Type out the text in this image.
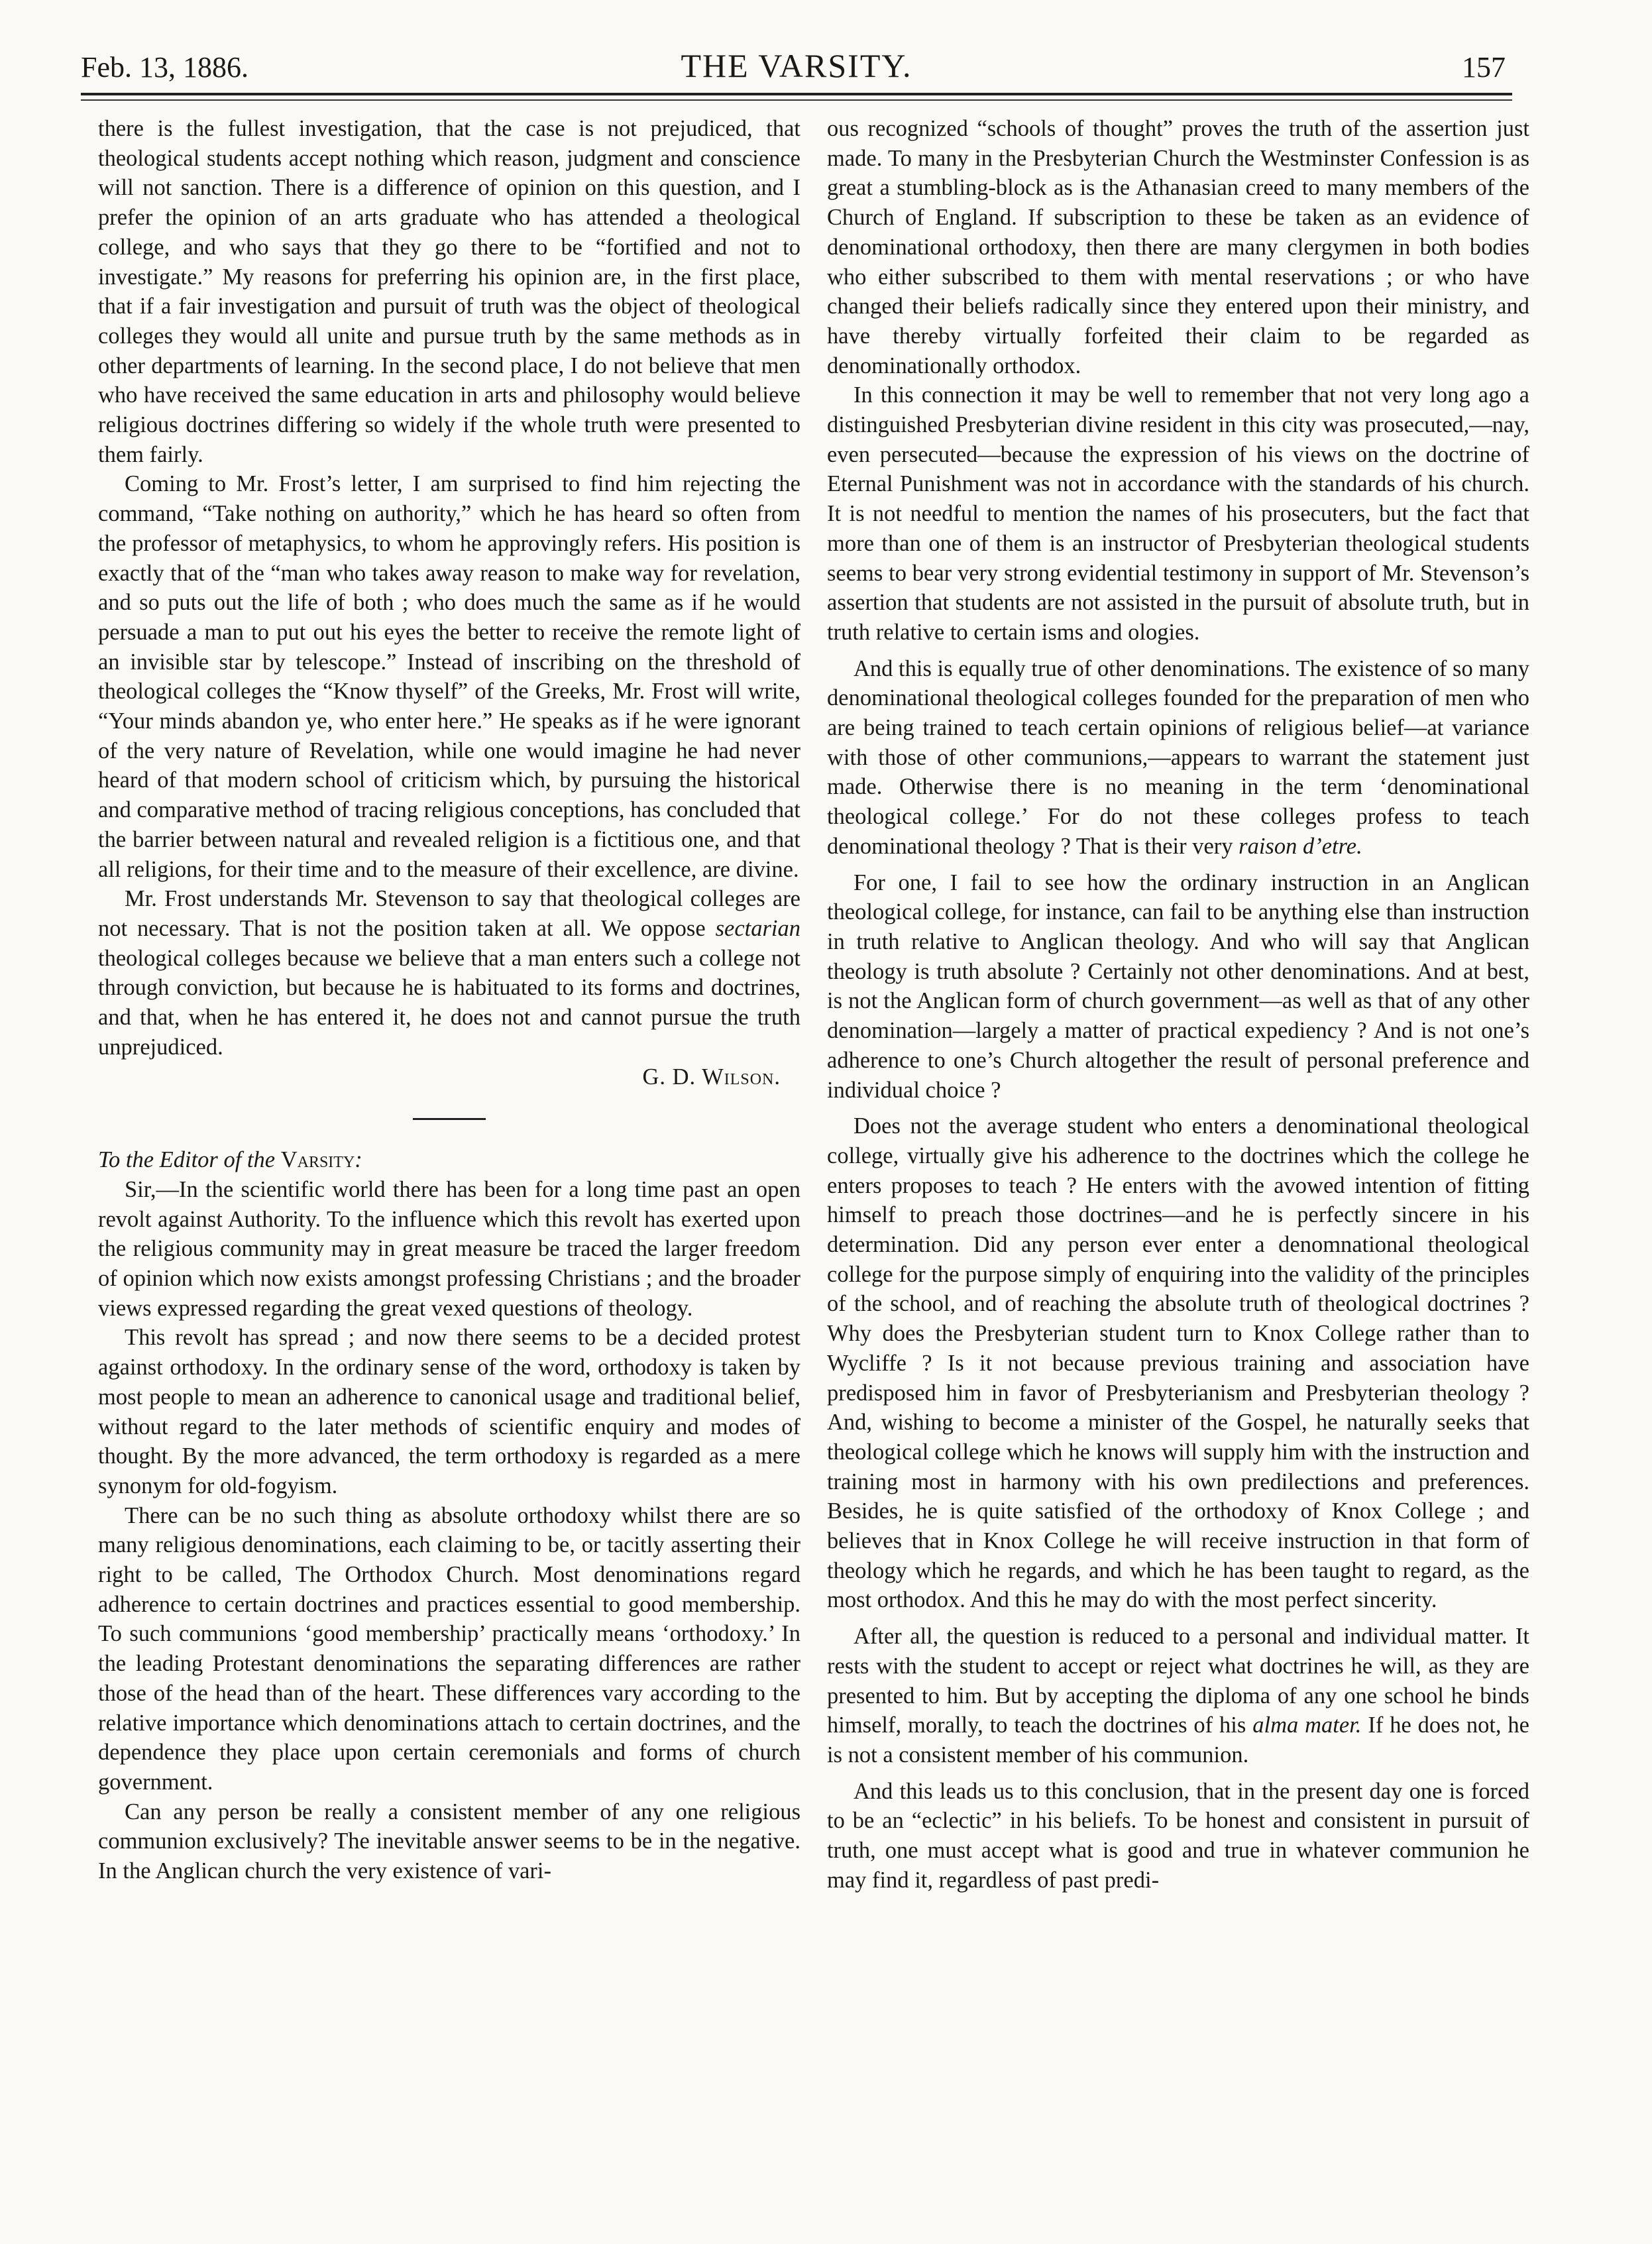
Feb. 13, 1886.	THE VARSITY.	157

there is the fullest investigation, that the case is not prejudiced, that theological students accept nothing which reason, judgment and conscience will not sanction. There is a difference of opinion on this question, and I prefer the opinion of an arts graduate who has attended a theological college, and who says that they go there to be “fortified and not to investigate.” My reasons for preferring his opinion are, in the first place, that if a fair investigation and pursuit of truth was the object of theological colleges they would all unite and pursue truth by the same methods as in other departments of learning. In the second place, I do not believe that men who have received the same education in arts and philosophy would believe religious doctrines differing so widely if the whole truth were presented to them fairly.

Coming to Mr. Frost’s letter, I am surprised to find him rejecting the command, “Take nothing on authority,” which he has heard so often from the professor of metaphysics, to whom he approvingly refers. His position is exactly that of the “man who takes away reason to make way for revelation, and so puts out the life of both ; who does much the same as if he would persuade a man to put out his eyes the better to receive the remote light of an invisible star by telescope.” Instead of inscribing on the threshold of theological colleges the “Know thyself” of the Greeks, Mr. Frost will write, “Your minds abandon ye, who enter here.” He speaks as if he were ignorant of the very nature of Revelation, while one would imagine he had never heard of that modern school of criticism which, by pursuing the historical and comparative method of tracing religious conceptions, has concluded that the barrier between natural and revealed religion is a fictitious one, and that all religions, for their time and to the measure of their excellence, are divine.

Mr. Frost understands Mr. Stevenson to say that theological colleges are not necessary. That is not the position taken at all. We oppose sectarian theological colleges because we believe that a man enters such a college not through conviction, but because he is habituated to its forms and doctrines, and that, when he has entered it, he does not and cannot pursue the truth unprejudiced.

G. D. Wilson.
To the Editor of the Varsity:

Sir,—In the scientific world there has been for a long time past an open revolt against Authority. To the influence which this revolt has exerted upon the religious community may in great measure be traced the larger freedom of opinion which now exists amongst professing Christians ; and the broader views expressed regarding the great vexed questions of theology.

This revolt has spread ; and now there seems to be a decided protest against orthodoxy. In the ordinary sense of the word, orthodoxy is taken by most people to mean an adherence to canonical usage and traditional belief, without regard to the later methods of scientific enquiry and modes of thought. By the more advanced, the term orthodoxy is regarded as a mere synonym for old-fogyism.

There can be no such thing as absolute orthodoxy whilst there are so many religious denominations, each claiming to be, or tacitly asserting their right to be called, The Orthodox Church. Most denominations regard adherence to certain doctrines and practices essential to good membership. To such communions ‘good membership’ practically means ‘orthodoxy.’ In the leading Protestant denominations the separating differences are rather those of the head than of the heart. These differences vary according to the relative importance which denominations attach to certain doctrines, and the dependence they place upon certain ceremonials and forms of church government.

Can any person be really a consistent member of any one religious communion exclusively? The inevitable answer seems to be in the negative. In the Anglican church the very existence of vari-

ous recognized “schools of thought” proves the truth of the assertion just made. To many in the Presbyterian Church the Westminster Confession is as great a stumbling-block as is the Athanasian creed to many members of the Church of England. If subscription to these be taken as an evidence of denominational orthodoxy, then there are many clergymen in both bodies who either subscribed to them with mental reservations ; or who have changed their beliefs radically since they entered upon their ministry, and have thereby virtually forfeited their claim to be regarded as denominationally orthodox.

In this connection it may be well to remember that not very long ago a distinguished Presbyterian divine resident in this city was prosecuted,—nay, even persecuted—because the expression of his views on the doctrine of Eternal Punishment was not in accordance with the standards of his church. It is not needful to mention the names of his prosecuters, but the fact that more than one of them is an instructor of Presbyterian theological students seems to bear very strong evidential testimony in support of Mr. Stevenson’s assertion that students are not assisted in the pursuit of absolute truth, but in truth relative to certain isms and ologies.

And this is equally true of other denominations. The existence of so many denominational theological colleges founded for the preparation of men who are being trained to teach certain opinions of religious belief—at variance with those of other communions,—appears to warrant the statement just made. Otherwise there is no meaning in the term ‘denominational theological college.’ For do not these colleges profess to teach denominational theology ? That is their very raison d’etre.

For one, I fail to see how the ordinary instruction in an Anglican theological college, for instance, can fail to be anything else than instruction in truth relative to Anglican theology. And who will say that Anglican theology is truth absolute ? Certainly not other denominations. And at best, is not the Anglican form of church government—as well as that of any other denomination—largely a matter of practical expediency ? And is not one’s adherence to one’s Church altogether the result of personal preference and individual choice ?

Does not the average student who enters a denominational theological college, virtually give his adherence to the doctrines which the college he enters proposes to teach ? He enters with the avowed intention of fitting himself to preach those doctrines—and he is perfectly sincere in his determination. Did any person ever enter a denomnational theological college for the purpose simply of enquiring into the validity of the principles of the school, and of reaching the absolute truth of theological doctrines ? Why does the Presbyterian student turn to Knox College rather than to Wycliffe ? Is it not because previous training and association have predisposed him in favor of Presbyterianism and Presbyterian theology ? And, wishing to become a minister of the Gospel, he naturally seeks that theological college which he knows will supply him with the instruction and training most in harmony with his own predilections and preferences. Besides, he is quite satisfied of the orthodoxy of Knox College ; and believes that in Knox College he will receive instruction in that form of theology which he regards, and which he has been taught to regard, as the most orthodox. And this he may do with the most perfect sincerity.

After all, the question is reduced to a personal and individual matter. It rests with the student to accept or reject what doctrines he will, as they are presented to him. But by accepting the diploma of any one school he binds himself, morally, to teach the doctrines of his alma mater. If he does not, he is not a consistent member of his communion.

And this leads us to this conclusion, that in the present day one is forced to be an “eclectic” in his beliefs. To be honest and consistent in pursuit of truth, one must accept what is good and true in whatever communion he may find it, regardless of past predi-
